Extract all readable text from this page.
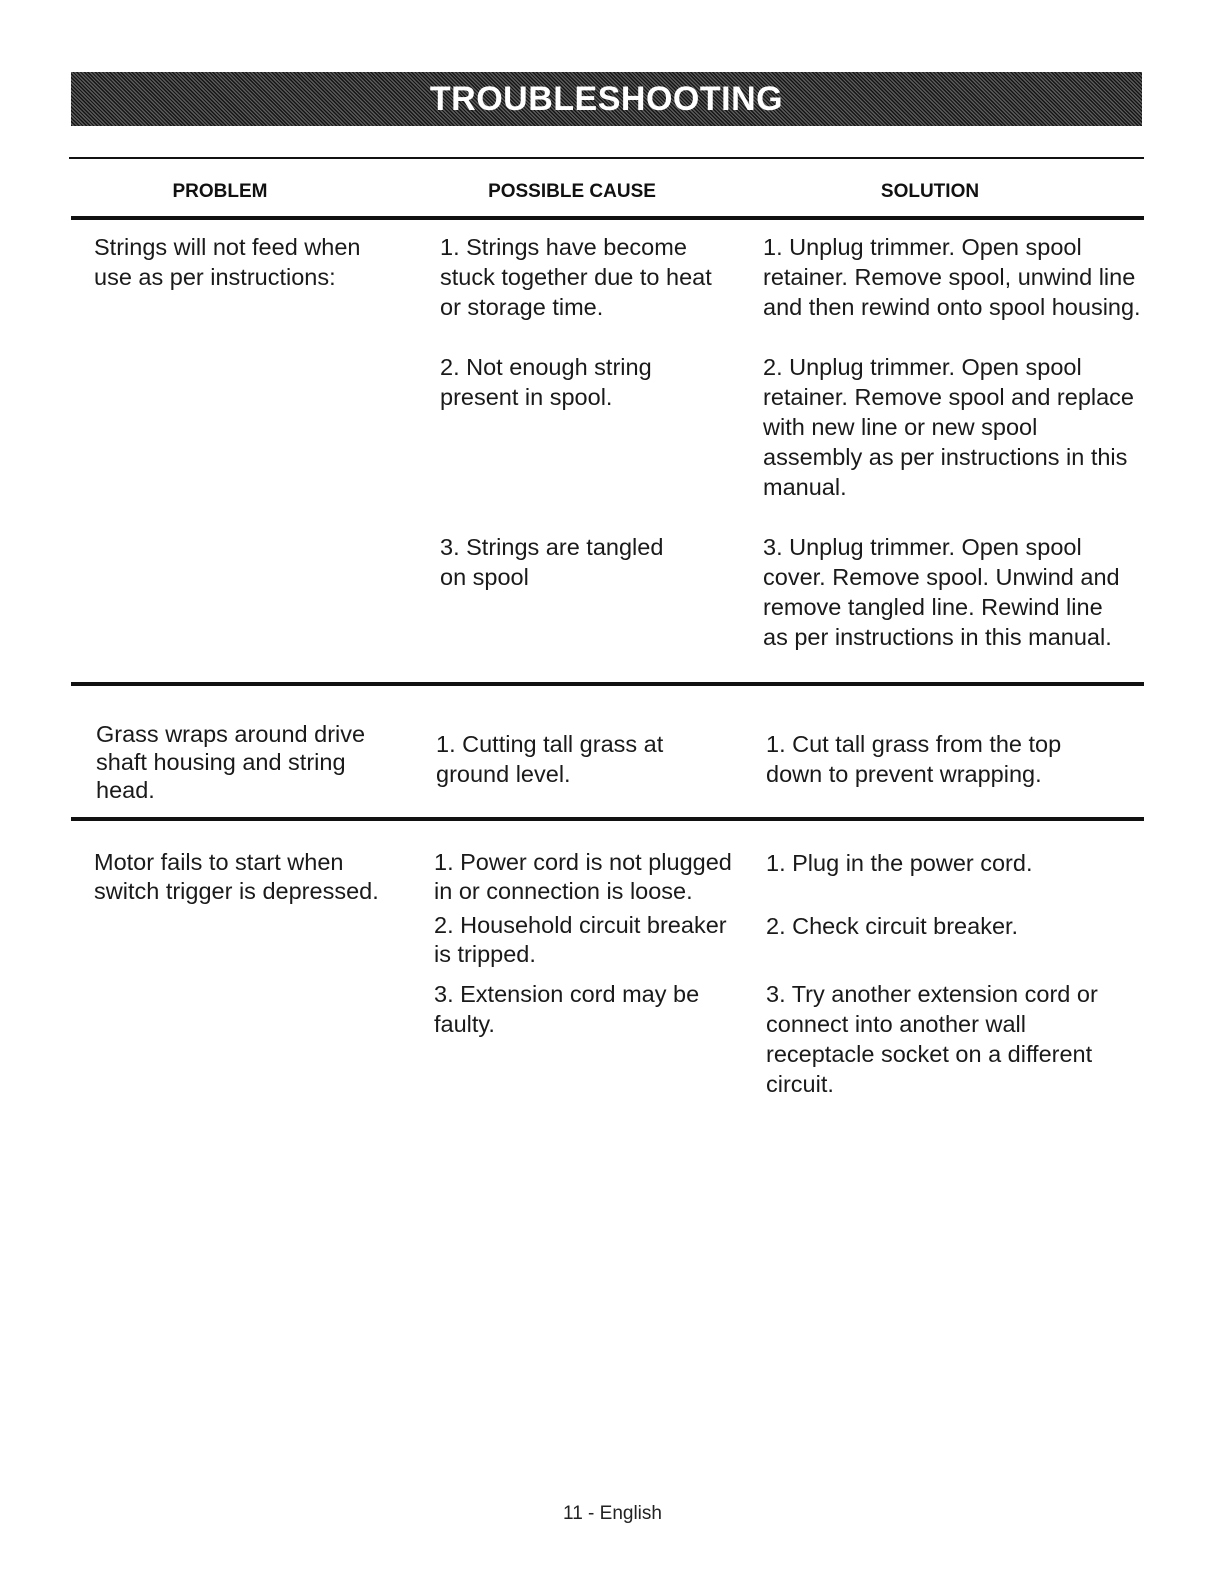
TROUBLESHOOTING
PROBLEM	POSSIBLE CAUSE	SOLUTION
Strings will not feed when
use as per instructions:
1. Strings have become
stuck together due to heat
or storage time.
1. Unplug trimmer. Open spool
retainer. Remove spool, unwind line
and then rewind onto spool housing.
2. Not enough string
present in spool.
2. Unplug trimmer. Open spool
retainer. Remove spool and replace
with new line or new spool
assembly as per instructions in this
manual.
3. Strings are tangled
on spool
3. Unplug trimmer. Open spool
cover. Remove spool. Unwind and
remove tangled line. Rewind line
as per instructions in this manual.
Grass wraps around drive
shaft housing and string
head.
1. Cutting tall grass at
ground level.
1. Cut tall grass from the top
down to prevent wrapping.
Motor fails to start when
switch trigger is depressed.
1. Power cord is not plugged
in or connection is loose.
1. Plug in the power cord.
2. Household circuit breaker
is tripped.
2. Check circuit breaker.
3. Extension cord may be
faulty.
3. Try another extension cord or
connect into another wall
receptacle socket on a different
circuit.
11 - English
